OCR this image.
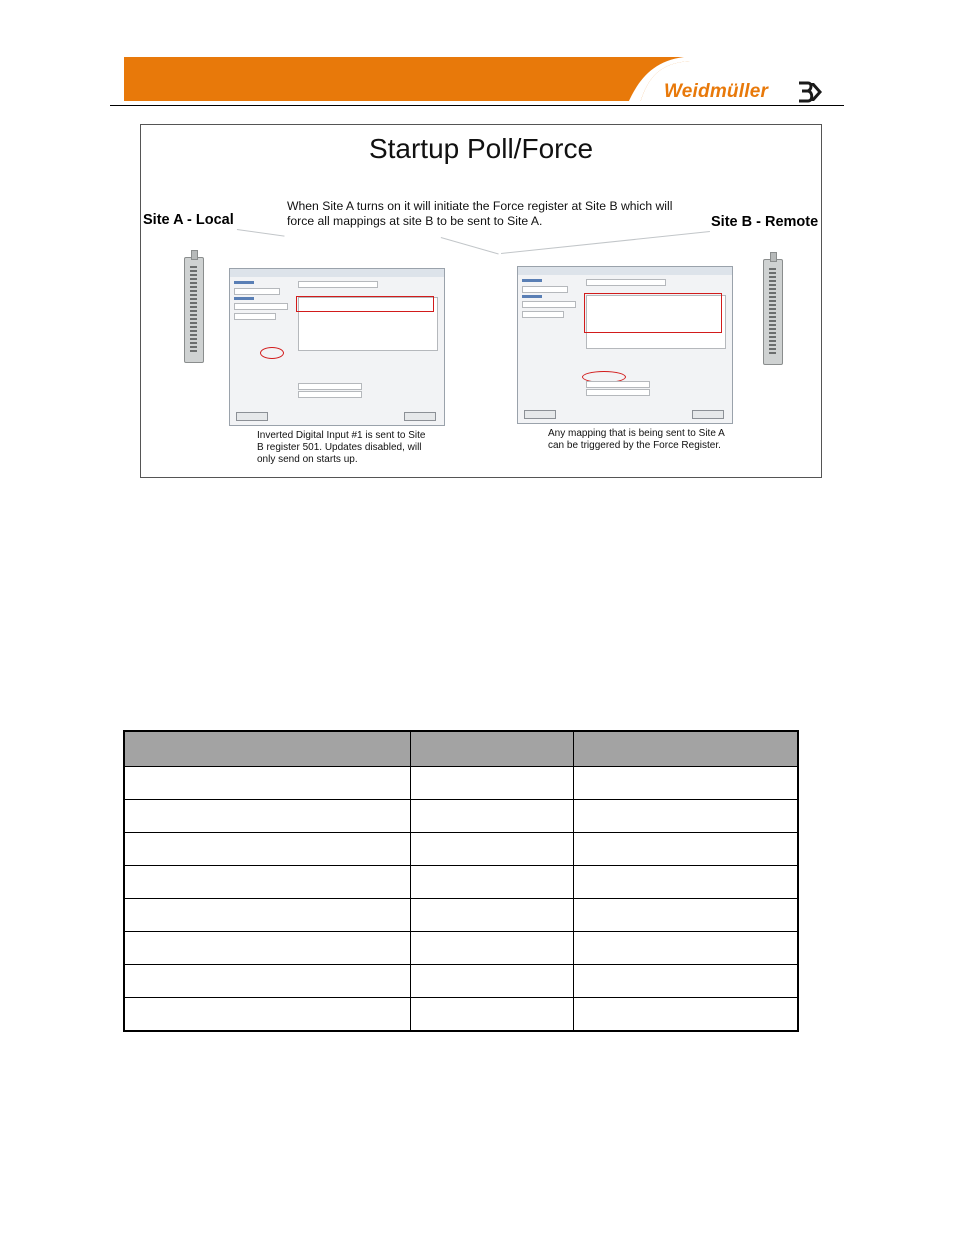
Weidmüller
Startup Poll/Force
When Site A turns on it will initiate the Force register at Site B which will force all mappings at site B to be sent to Site A.
Site A - Local	Site B - Remote
Inverted Digital Input #1 is sent to Site B register 501. Updates disabled, will only send on starts up.
Any mapping that is being sent to Site A can be triggered by the Force Register.
